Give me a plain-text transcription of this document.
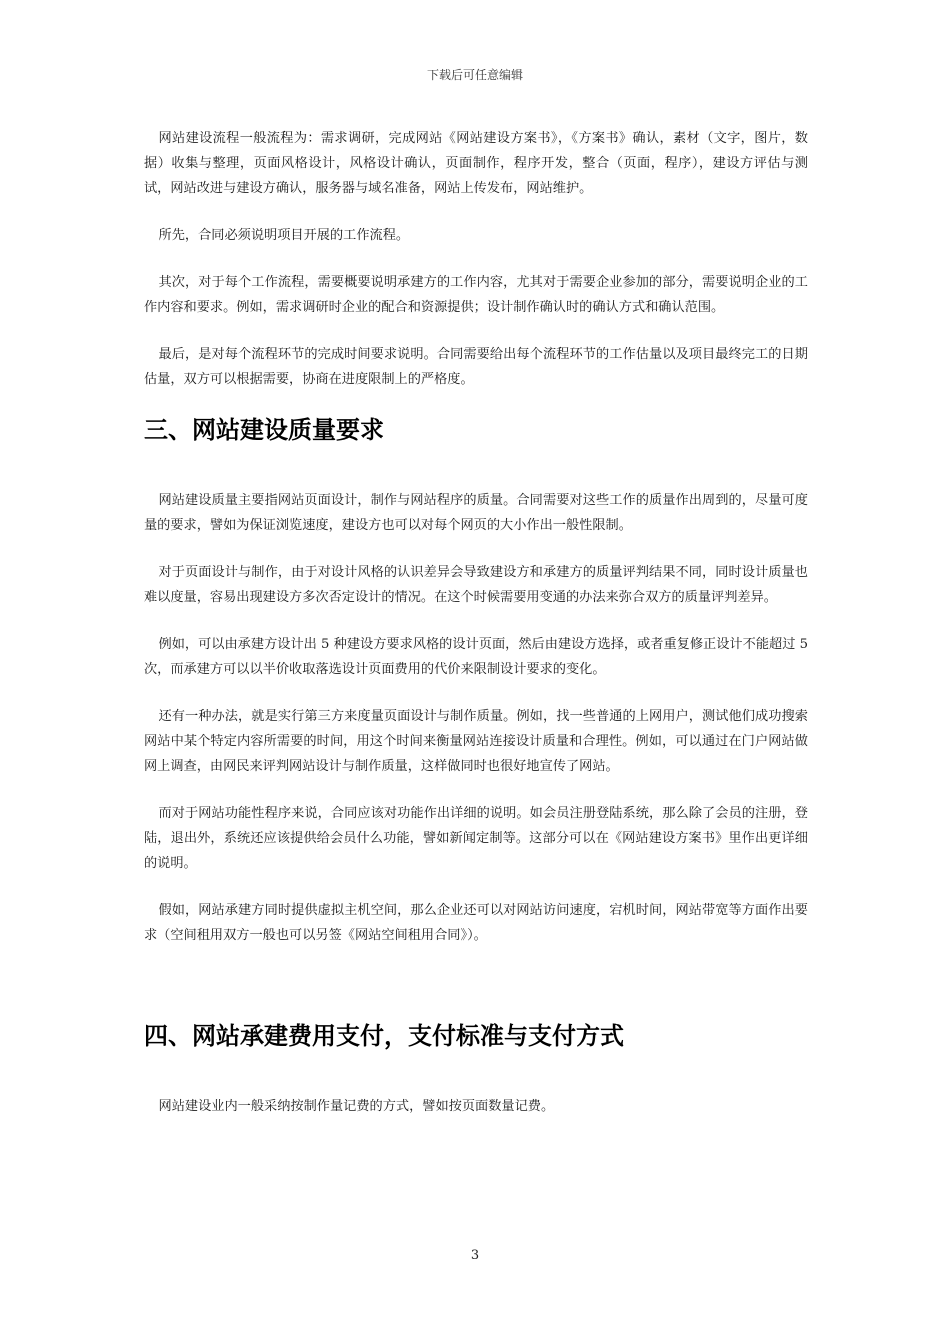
下载后可任意编辑

网站建设流程一般流程为：需求调研，完成网站《网站建设方案书》，《方案书》确认，素材（文字，图片，数据）收集与整理，页面风格设计，风格设计确认，页面制作，程序开发，整合（页面，程序），建设方评估与测试，网站改进与建设方确认，服务器与域名准备，网站上传发布，网站维护。

所先，合同必须说明项目开展的工作流程。

其次，对于每个工作流程，需要概要说明承建方的工作内容，尤其对于需要企业参加的部分，需要说明企业的工作内容和要求。例如，需求调研时企业的配合和资源提供；设计制作确认时的确认方式和确认范围。

最后，是对每个流程环节的完成时间要求说明。合同需要给出每个流程环节的工作估量以及项目最终完工的日期估量，双方可以根据需要，协商在进度限制上的严格度。

三、网站建设质量要求

网站建设质量主要指网站页面设计，制作与网站程序的质量。合同需要对这些工作的质量作出周到的，尽量可度量的要求，譬如为保证浏览速度，建设方也可以对每个网页的大小作出一般性限制。

对于页面设计与制作，由于对设计风格的认识差异会导致建设方和承建方的质量评判结果不同，同时设计质量也难以度量，容易出现建设方多次否定设计的情况。在这个时候需要用变通的办法来弥合双方的质量评判差异。

例如，可以由承建方设计出 5 种建设方要求风格的设计页面，然后由建设方选择，或者重复修正设计不能超过 5 次，而承建方可以以半价收取落选设计页面费用的代价来限制设计要求的变化。

还有一种办法，就是实行第三方来度量页面设计与制作质量。例如，找一些普通的上网用户，测试他们成功搜索网站中某个特定内容所需要的时间，用这个时间来衡量网站连接设计质量和合理性。例如，可以通过在门户网站做网上调查，由网民来评判网站设计与制作质量，这样做同时也很好地宣传了网站。

而对于网站功能性程序来说，合同应该对功能作出详细的说明。如会员注册登陆系统，那么除了会员的注册，登陆，退出外，系统还应该提供给会员什么功能，譬如新闻定制等。这部分可以在《网站建设方案书》里作出更详细的说明。

假如，网站承建方同时提供虚拟主机空间，那么企业还可以对网站访问速度，宕机时间，网站带宽等方面作出要求（空间租用双方一般也可以另签《网站空间租用合同》）。

四、网站承建费用支付，支付标准与支付方式

网站建设业内一般采纳按制作量记费的方式，譬如按页面数量记费。

3
